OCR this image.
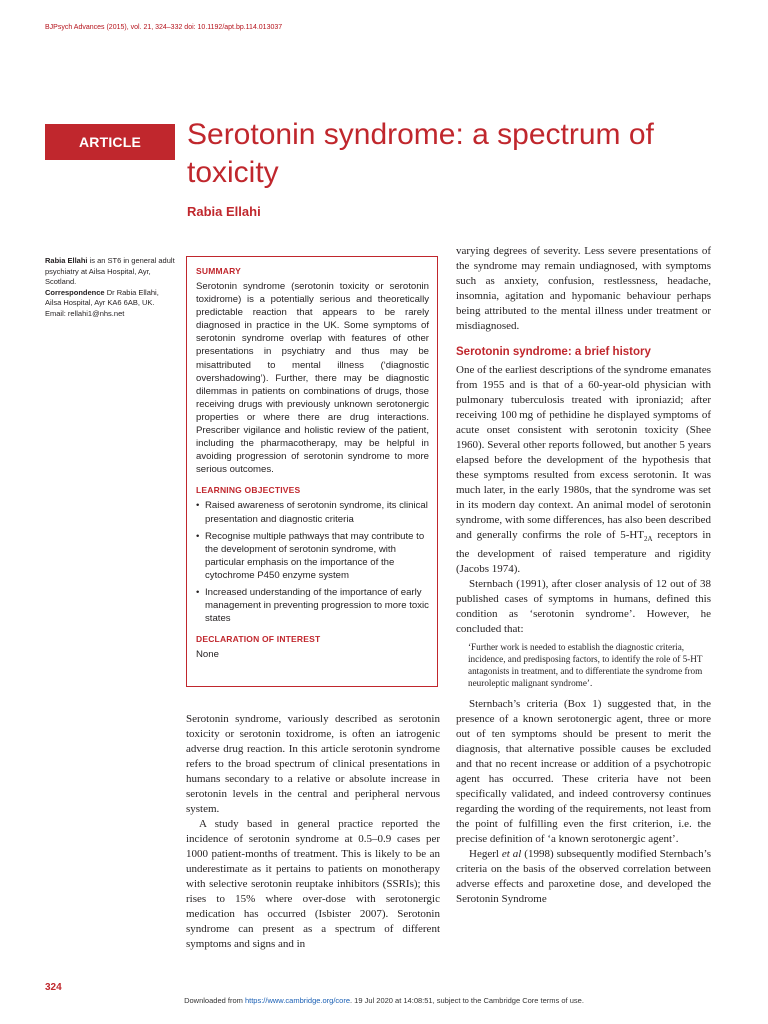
BJPsych Advances (2015), vol. 21, 324–332 doi: 10.1192/apt.bp.114.013037
ARTICLE	Serotonin syndrome: a spectrum of toxicity
Rabia Ellahi
Rabia Ellahi is an ST6 in general adult psychiatry at Ailsa Hospital, Ayr, Scotland.
Correspondence Dr Rabia Ellahi, Ailsa Hospital, Ayr KA6 6AB, UK. Email: rellahi1@nhs.net
SUMMARY

Serotonin syndrome (serotonin toxicity or serotonin toxidrome) is a potentially serious and theoretically predictable reaction that appears to be rarely diagnosed in practice in the UK. Some symptoms of serotonin syndrome overlap with features of other presentations in psychiatry and thus may be misattributed to mental illness (‘diagnostic overshadowing’). Further, there may be diagnostic dilemmas in patients on combinations of drugs, those receiving drugs with previously unknown serotonergic properties or where there are drug interactions. Prescriber vigilance and holistic review of the patient, including the pharmacotherapy, may be helpful in avoiding progression of serotonin syndrome to more serious outcomes.

LEARNING OBJECTIVES
• Raised awareness of serotonin syndrome, its clinical presentation and diagnostic criteria
• Recognise multiple pathways that may contribute to the development of serotonin syndrome, with particular emphasis on the importance of the cytochrome P450 enzyme system
• Increased understanding of the importance of early management in preventing progression to more toxic states
DECLARATION OF INTEREST

None

Serotonin syndrome, variously described as serotonin toxicity or serotonin toxidrome, is often an iatrogenic adverse drug reaction. In this article serotonin syndrome refers to the broad spectrum of clinical presentations in humans secondary to a relative or absolute increase in serotonin levels in the central and peripheral nervous system.

A study based in general practice reported the incidence of serotonin syndrome at 0.5–0.9 cases per 1000 patient-months of treatment. This is likely to be an underestimate as it pertains to patients on monotherapy with selective serotonin reuptake inhibitors (SSRIs); this rises to 15% where over-dose with serotonergic medication has occurred (Isbister 2007). Serotonin syndrome can present as a spectrum of different symptoms and signs and in

varying degrees of severity. Less severe presentations of the syndrome may remain undiagnosed, with symptoms such as anxiety, confusion, restlessness, headache, insomnia, agitation and hypomanic behaviour perhaps being attributed to the mental illness under treatment or misdiagnosed.

Serotonin syndrome: a brief history

One of the earliest descriptions of the syndrome emanates from 1955 and is that of a 60-year-old physician with pulmonary tuberculosis treated with iproniazid; after receiving 100 mg of pethidine he displayed symptoms of acute onset consistent with serotonin toxicity (Shee 1960). Several other reports followed, but another 5 years elapsed before the development of the hypothesis that these symptoms resulted from excess serotonin. It was much later, in the early 1980s, that the syndrome was set in its modern day context. An animal model of serotonin syndrome, with some differences, has also been described and generally confirms the role of $5-HT_{2A}$ receptors in the development of raised temperature and rigidity (Jacobs 1974).

Sternbach (1991), after closer analysis of 12 out of 38 published cases of symptoms in humans, defined this condition as ‘serotonin syndrome’. However, he concluded that:

‘Further work is needed to establish the diagnostic criteria, incidence, and predisposing factors, to identify the role of 5-HT antagonists in treatment, and to differentiate the syndrome from neuroleptic malignant syndrome’.

Sternbach’s criteria (Box 1) suggested that, in the presence of a known serotonergic agent, three or more out of ten symptoms should be present to merit the diagnosis, that alternative possible causes be excluded and that no recent increase or addition of a psychotropic agent has occurred. These criteria have not been specifically validated, and indeed controversy continues regarding the wording of the requirements, not least from the point of fulfilling even the first criterion, i.e. the precise definition of ‘a known serotonergic agent’.

Hegerl et al (1998) subsequently modified Sternbach’s criteria on the basis of the observed correlation between adverse effects and paroxetine dose, and developed the Serotonin Syndrome

324
Downloaded from https://www.cambridge.org/core. 19 Jul 2020 at 14:08:51, subject to the Cambridge Core terms of use.
